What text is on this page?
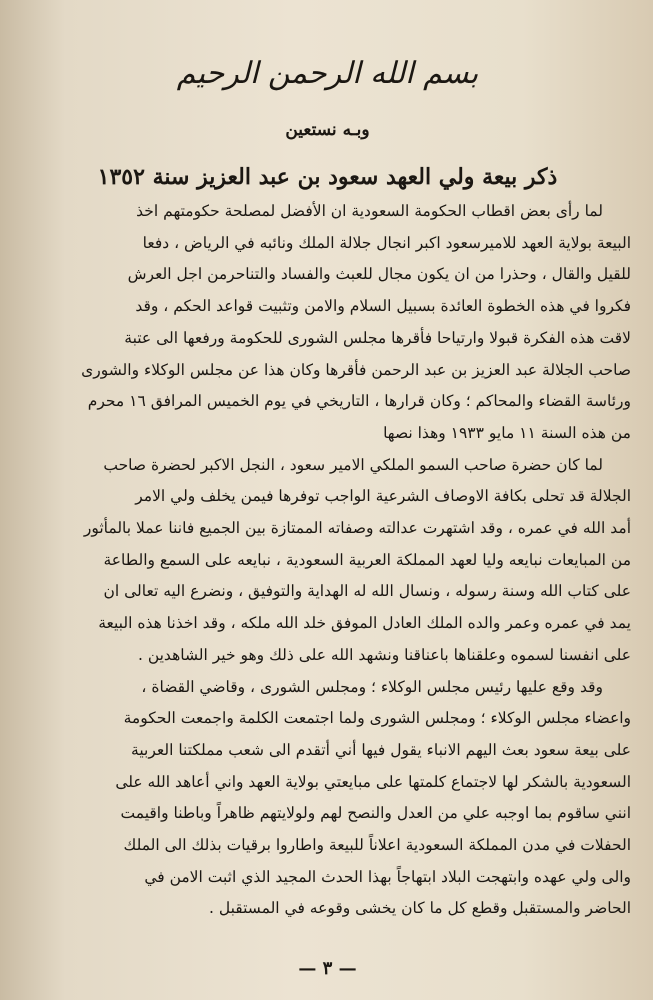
بسم الله الرحمن الرحيم
وبـه نستعين
ذكر بيعة ولي العهد سعود بن عبد العزيز سنة ١٣٥٢

لما رأى بعض اقطاب الحكومة السعودية ان الأفضل لمصلحة حكومتهم اخذ

البيعة بولاية العهد للاميرسعود اكبر انجال جلالة الملك ونائبه في الرياض ، دفعا

للقيل والقال ، وحذرا من ان يكون مجال للعبث والفساد والتناحرمن اجل العرش

فكروا في هذه الخطوة العائدة بسبيل السلام والامن وتثبيت قواعد الحكم ، وقد

لاقت هذه الفكرة قبولا وارتياحا فأقرها مجلس الشورى للحكومة ورفعها الى عتبة

صاحب الجلالة عبد العزيز بن عبد الرحمن فأقرها وكان هذا عن مجلس الوكلاء والشورى

ورئاسة القضاء والمحاكم ؛ وكان قرارها ، التاريخي في يوم الخميس المرافق ١٦ محرم

من هذه السنة ١١ مايو ١٩٣٣ وهذا نصها

لما كان حضرة صاحب السمو الملكي الامير سعود ، النجل الاكبر لحضرة صاحب

الجلالة قد تحلى بكافة الاوصاف الشرعية الواجب توفرها فيمن يخلف ولي الامر

أمد الله في عمره ، وقد اشتهرت عدالته وصفاته الممتازة بين الجميع فاننا عملا بالمأثور

من المبايعات نبايعه وليا لعهد المملكة العربية السعودية ، نبايعه على السمع والطاعة

على كتاب الله وسنة رسوله ، ونسال الله له الهداية والتوفيق ، ونضرع اليه تعالى ان

يمد في عمره وعمر والده الملك العادل الموفق خلد الله ملكه ، وقد اخذنا هذه البيعة

على انفسنا لسموه وعلقناها باعناقنا ونشهد الله على ذلك وهو خير الشاهدين .

وقد وقع عليها رئيس مجلس الوكلاء ؛ ومجلس الشورى ، وقاضي القضاة ،

واعضاء مجلس الوكلاء ؛ ومجلس الشورى ولما اجتمعت الكلمة واجمعت الحكومة

على بيعة سعود بعث اليهم الانباء يقول فيها أني أتقدم الى شعب مملكتنا العربية

السعودية بالشكر لها لاجتماع كلمتها على مبايعتي بولاية العهد واني أعاهد الله على

انني ساقوم بما اوجبه علي من العدل والنصح لهم ولولايتهم ظاهراً وباطنا واقيمت

الحفلات في مدن المملكة السعودية اعلاناً للبيعة واطاروا برقيات بذلك الى الملك

والى ولي عهده وابتهجت البلاد ابتهاجاً بهذا الحدث المجيد الذي اثبت الامن في

الحاضر والمستقبل وقطع كل ما كان يخشى وقوعه في المستقبل .

— ٣ —
